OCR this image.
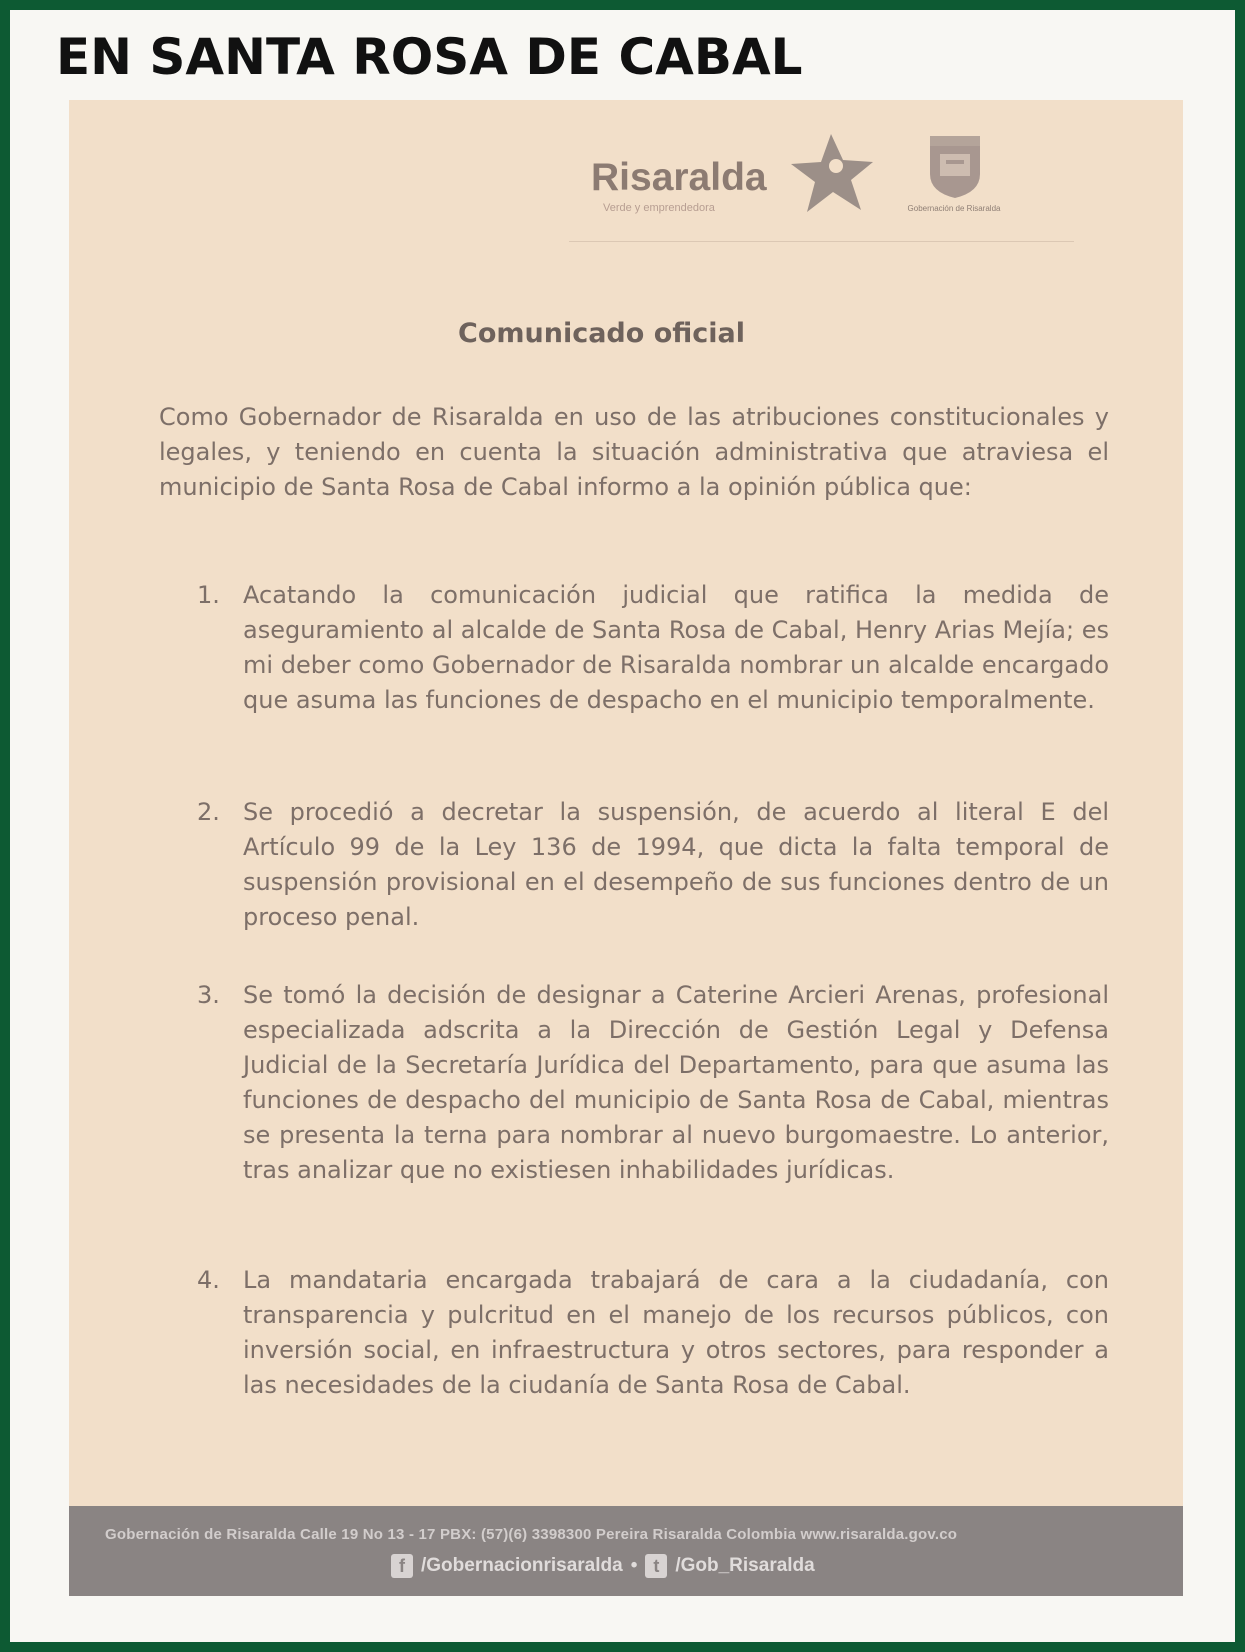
EN SANTA ROSA DE CABAL
Risaralda
Verde y emprendedora	Gobernación de Risaralda
Comunicado oficial
Como Gobernador de Risaralda en uso de las atribuciones constitucionales y legales, y teniendo en cuenta la situación administrativa que atraviesa el municipio de Santa Rosa de Cabal informo a la opinión pública que:
1. Acatando la comunicación judicial que ratifica la medida de aseguramiento al alcalde de Santa Rosa de Cabal, Henry Arias Mejía; es mi deber como Gobernador de Risaralda nombrar un alcalde encargado que asuma las funciones de despacho en el municipio temporalmente.
2. Se procedió a decretar la suspensión, de acuerdo al literal E del Artículo 99 de la Ley 136 de 1994, que dicta la falta temporal de suspensión provisional en el desempeño de sus funciones dentro de un proceso penal.
3. Se tomó la decisión de designar a Caterine Arcieri Arenas, profesional especializada adscrita a la Dirección de Gestión Legal y Defensa Judicial de la Secretaría Jurídica del Departamento, para que asuma las funciones de despacho del municipio de Santa Rosa de Cabal, mientras se presenta la terna para nombrar al nuevo burgomaestre. Lo anterior, tras analizar que no existiesen inhabilidades jurídicas.
4. La mandataria encargada trabajará de cara a la ciudadanía, con transparencia y pulcritud en el manejo de los recursos públicos, con inversión social, en infraestructura y otros sectores, para responder a las necesidades de la ciudanía de Santa Rosa de Cabal.
Gobernación de Risaralda Calle 19 No 13 - 17 PBX: (57)(6) 3398300 Pereira Risaralda Colombia www.risaralda.gov.co
f /Gobernacionrisaralda • t /Gob_Risaralda
